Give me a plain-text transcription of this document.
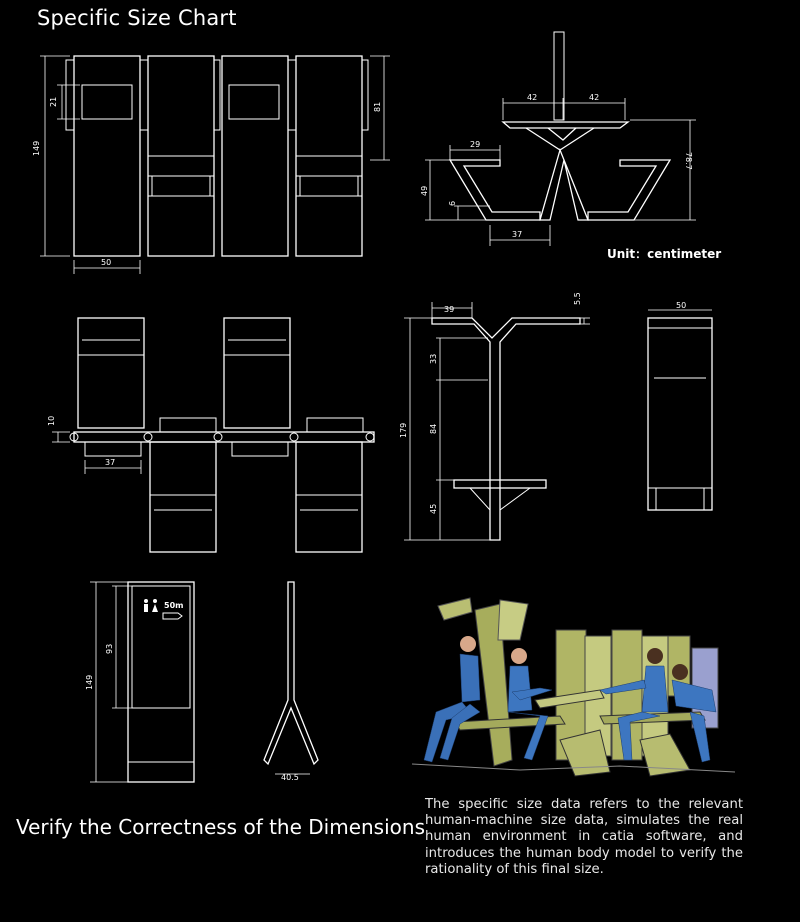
Specific Size Chart
149
21
50
81
42	42
29
49
6
37
78.7
10
37
39
5.5
179
33
84
45
50
50m
149
93
40.5
Unit：centimeter
Verify the Correctness of the Dimensions
The specific size data refers to the relevant human-machine size data, simulates the real human environment in catia software, and introduces the human body model to verify the rationality of this final size.
